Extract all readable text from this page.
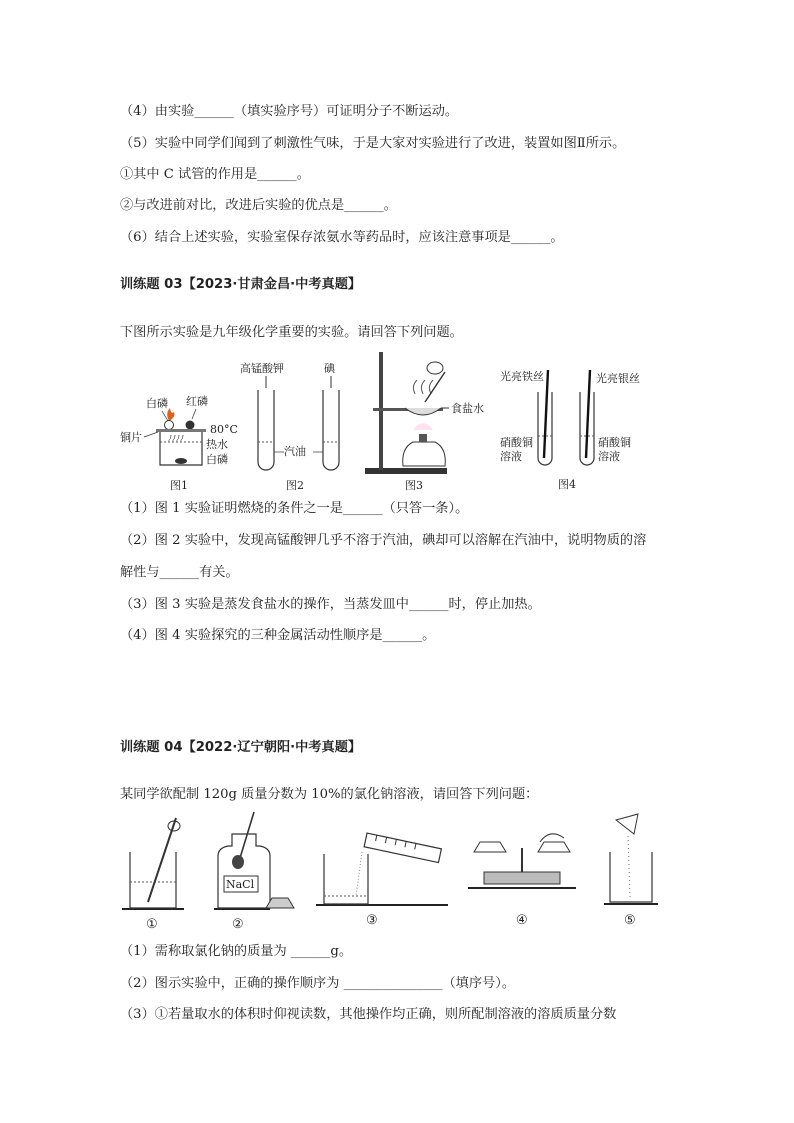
（4）由实验______（填实验序号）可证明分子不断运动。
（5）实验中同学们闻到了刺激性气味，于是大家对实验进行了改进，装置如图Ⅱ所示。
①其中 C 试管的作用是______。
②与改进前对比，改进后实验的优点是______。
（6）结合上述实验，实验室保存浓氨水等药品时，应该注意事项是______。
训练题 03【2023·甘肃金昌·中考真题】
下图所示实验是九年级化学重要的实验。请回答下列问题。
白磷 红磷
80°C
ﾉﾉﾉﾉ
铜片
热水
白磷
图1
高锰酸钾	碘
汽油
图2
食盐水
图3
光亮铁丝	光亮银丝
硝酸铜
溶液
硝酸铜
溶液
图4
（1）图 1 实验证明燃烧的条件之一是______（只答一条）。
（2）图 2 实验中，发现高锰酸钾几乎不溶于汽油，碘却可以溶解在汽油中，说明物质的溶
解性与______有关。
（3）图 3 实验是蒸发食盐水的操作，当蒸发皿中______时，停止加热。
（4）图 4 实验探究的三种金属活动性顺序是______。
训练题 04【2022·辽宁朝阳·中考真题】
某同学欲配制 120g 质量分数为 10%的氯化钠溶液，请回答下列问题：
①
NaCl
②	③	④	⑤
（1）需称取氯化钠的质量为 ______g。
（2）图示实验中，正确的操作顺序为 _______________（填序号）。
（3）①若量取水的体积时仰视读数，其他操作均正确，则所配制溶液的溶质质量分数
